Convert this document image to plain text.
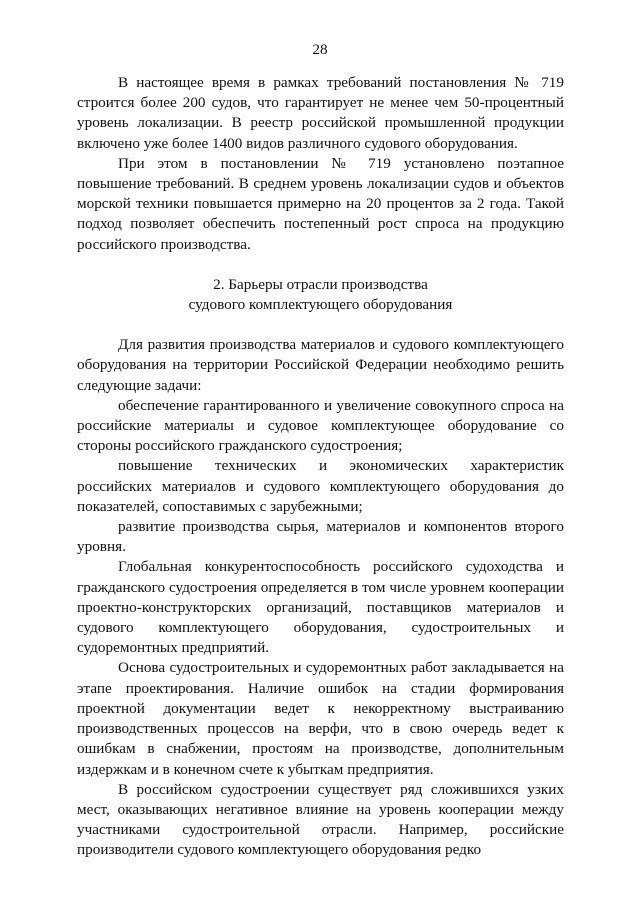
28

В настоящее время в рамках требований постановления № 719 строится более 200 судов, что гарантирует не менее чем 50-процентный уровень локализации. В реестр российской промышленной продукции включено уже более 1400 видов различного судового оборудования.

При этом в постановлении № 719 установлено поэтапное повышение требований. В среднем уровень локализации судов и объектов морской техники повышается примерно на 20 процентов за 2 года. Такой подход позволяет обеспечить постепенный рост спроса на продукцию российского производства.

2. Барьеры отрасли производства
судового комплектующего оборудования

Для развития производства материалов и судового комплектующего оборудования на территории Российской Федерации необходимо решить следующие задачи:

обеспечение гарантированного и увеличение совокупного спроса на российские материалы и судовое комплектующее оборудование со стороны российского гражданского судостроения;

повышение технических и экономических характеристик российских материалов и судового комплектующего оборудования до показателей, сопоставимых с зарубежными;

развитие производства сырья, материалов и компонентов второго уровня.

Глобальная конкурентоспособность российского судоходства и гражданского судостроения определяется в том числе уровнем кооперации проектно-конструкторских организаций, поставщиков материалов и судового комплектующего оборудования, судостроительных и судоремонтных предприятий.

Основа судостроительных и судоремонтных работ закладывается на этапе проектирования. Наличие ошибок на стадии формирования проектной документации ведет к некорректному выстраиванию производственных процессов на верфи, что в свою очередь ведет к ошибкам в снабжении, простоям на производстве, дополнительным издержкам и в конечном счете к убыткам предприятия.

В российском судостроении существует ряд сложившихся узких мест, оказывающих негативное влияние на уровень кооперации между участниками судостроительной отрасли. Например, российские производители судового комплектующего оборудования редко
